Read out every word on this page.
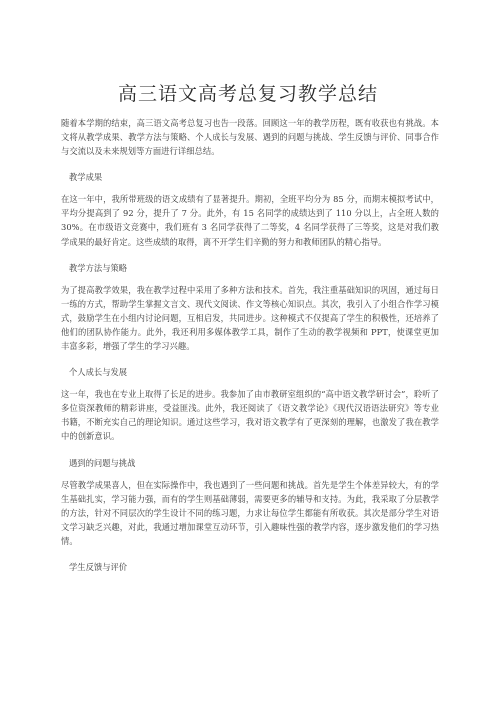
高三语文高考总复习教学总结

随着本学期的结束，高三语文高考总复习也告一段落。回顾这一年的教学历程，既有收获也有挑战。本文将从教学成果、教学方法与策略、个人成长与发展、遇到的问题与挑战、学生反馈与评价、同事合作与交流以及未来规划等方面进行详细总结。

教学成果

在这一年中，我所带班级的语文成绩有了显著提升。期初，全班平均分为 85 分，而期末模拟考试中，平均分提高到了 92 分，提升了 7 分。此外，有 15 名同学的成绩达到了 110 分以上，占全班人数的 30%。在市级语文竞赛中，我们班有 3 名同学获得了二等奖，4 名同学获得了三等奖，这是对我们教学成果的最好肯定。这些成绩的取得，离不开学生们辛勤的努力和教师团队的精心指导。

教学方法与策略

为了提高教学效果，我在教学过程中采用了多种方法和技术。首先，我注重基础知识的巩固，通过每日一练的方式，帮助学生掌握文言文、现代文阅读、作文等核心知识点。其次，我引入了小组合作学习模式，鼓励学生在小组内讨论问题，互相启发，共同进步。这种模式不仅提高了学生的积极性，还培养了他们的团队协作能力。此外，我还利用多媒体教学工具，制作了生动的教学视频和 PPT，使课堂更加丰富多彩，增强了学生的学习兴趣。

个人成长与发展

这一年，我也在专业上取得了长足的进步。我参加了由市教研室组织的“高中语文教学研讨会”，聆听了多位资深教师的精彩讲座，受益匪浅。此外，我还阅读了《语文教学论》《现代汉语语法研究》等专业书籍，不断充实自己的理论知识。通过这些学习，我对语文教学有了更深刻的理解，也激发了我在教学中的创新意识。

遇到的问题与挑战

尽管教学成果喜人，但在实际操作中，我也遇到了一些问题和挑战。首先是学生个体差异较大，有的学生基础扎实，学习能力强，而有的学生则基础薄弱，需要更多的辅导和支持。为此，我采取了分层教学的方法，针对不同层次的学生设计不同的练习题，力求让每位学生都能有所收获。其次是部分学生对语文学习缺乏兴趣，对此，我通过增加课堂互动环节，引入趣味性强的教学内容，逐步激发他们的学习热情。

学生反馈与评价
